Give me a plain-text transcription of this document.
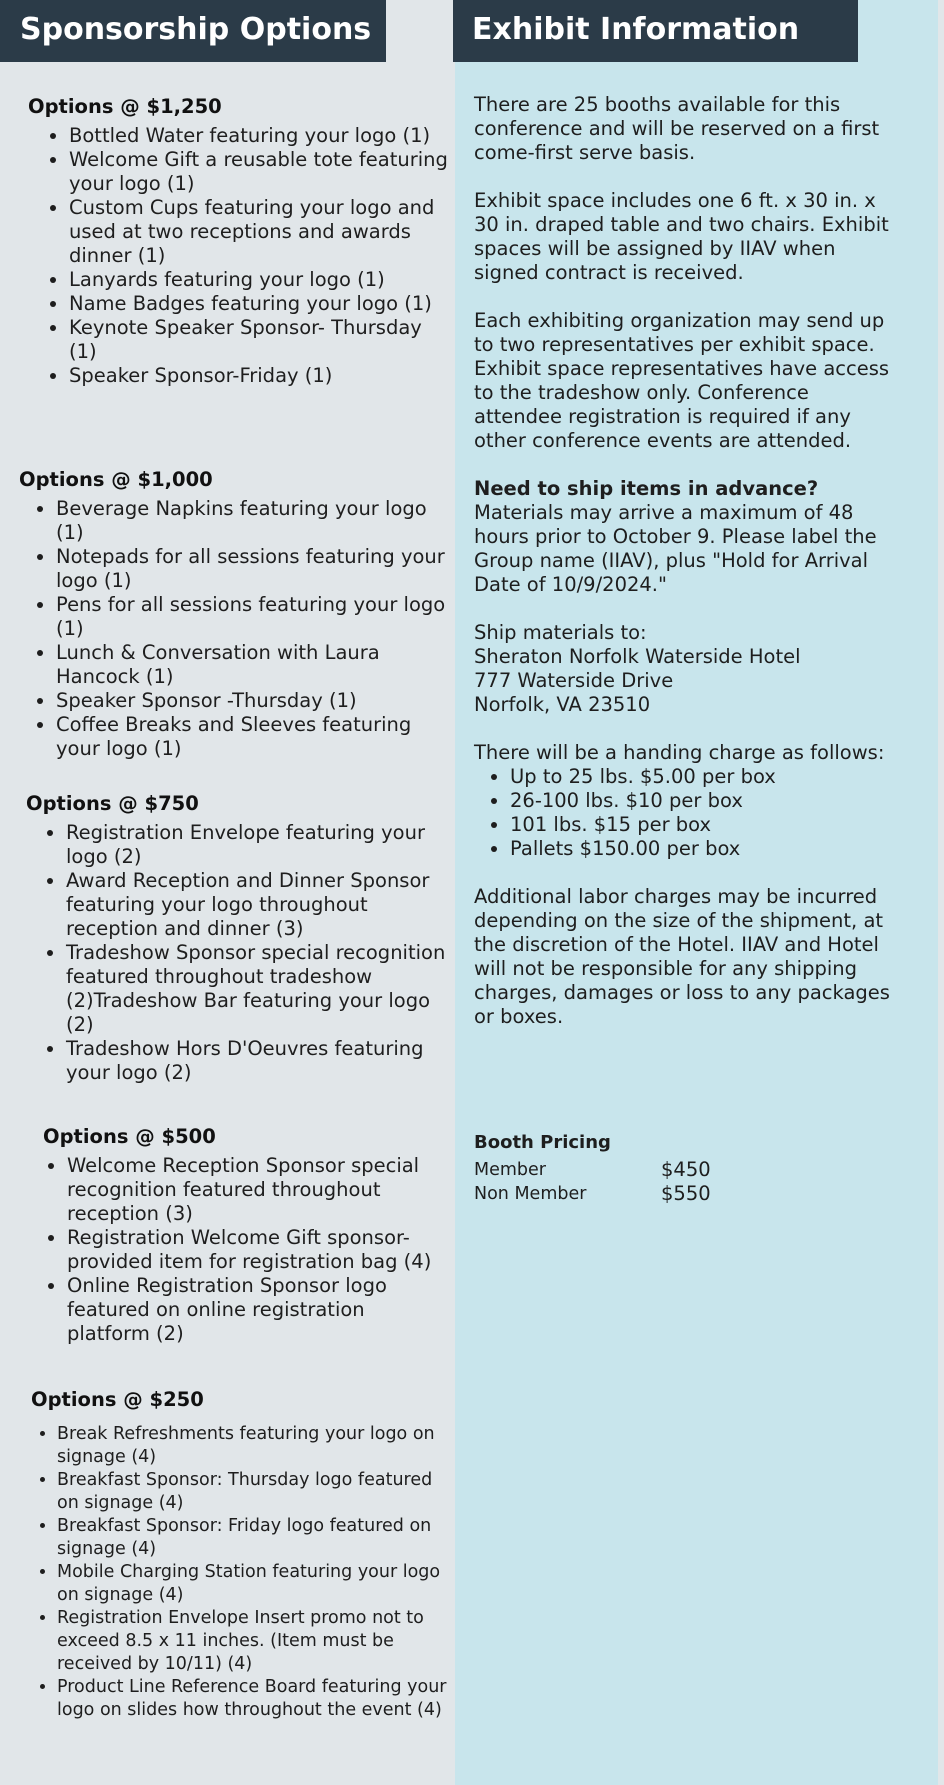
Sponsorship Options	Exhibit Information
Options @ $1,250
• Bottled Water featuring your logo (1)
• Welcome Gift a reusable tote featuring your logo (1)
• Custom Cups featuring your logo and used at two receptions and awards dinner (1)
• Lanyards featuring your logo (1)
• Name Badges featuring your logo (1)
• Keynote Speaker Sponsor- Thursday (1)
• Speaker Sponsor-Friday (1)
Options @ $1,000
• Beverage Napkins featuring your logo (1)
• Notepads for all sessions featuring your logo (1)
• Pens for all sessions featuring your logo (1)
• Lunch & Conversation with Laura Hancock (1)
• Speaker Sponsor -Thursday (1)
• Coffee Breaks and Sleeves featuring your logo (1)
Options @ $750
• Registration Envelope featuring your logo (2)
• Award Reception and Dinner Sponsor featuring your logo throughout reception and dinner (3)
• Tradeshow Sponsor special recognition featured throughout tradeshow (2)Tradeshow Bar featuring your logo (2)
• Tradeshow Hors D'Oeuvres featuring your logo (2)
Options @ $500
• Welcome Reception Sponsor special recognition featured throughout reception (3)
• Registration Welcome Gift sponsor-provided item for registration bag (4)
• Online Registration Sponsor logo featured on online registration platform (2)
Options @ $250
• Break Refreshments featuring your logo on signage (4)
• Breakfast Sponsor: Thursday logo featured on signage (4)
• Breakfast Sponsor: Friday logo featured on signage (4)
• Mobile Charging Station featuring your logo on signage (4)
• Registration Envelope Insert promo not to exceed 8.5 x 11 inches. (Item must be received by 10/11) (4)
• Product Line Reference Board featuring your logo on slides how throughout the event (4)

There are 25 booths available for this conference and will be reserved on a first come-first serve basis.

Exhibit space includes one 6 ft. x 30 in. x 30 in. draped table and two chairs. Exhibit spaces will be assigned by IIAV when signed contract is received.

Each exhibiting organization may send up to two representatives per exhibit space. Exhibit space representatives have access to the tradeshow only. Conference attendee registration is required if any other conference events are attended.

Need to ship items in advance?

Materials may arrive a maximum of 48 hours prior to October 9. Please label the Group name (IIAV), plus "Hold for Arrival Date of 10/9/2024."

Ship materials to:

Sheraton Norfolk Waterside Hotel

777 Waterside Drive

Norfolk, VA 23510

There will be a handing charge as follows:

• Up to 25 lbs. $5.00 per box
• 26-100 lbs. $10 per box
• 101 lbs. $15 per box
• Pallets $150.00 per box

Additional labor charges may be incurred depending on the size of the shipment, at the discretion of the Hotel. IIAV and Hotel will not be responsible for any shipping charges, damages or loss to any packages or boxes.

Booth Pricing
Member	$450
Non Member	$550
